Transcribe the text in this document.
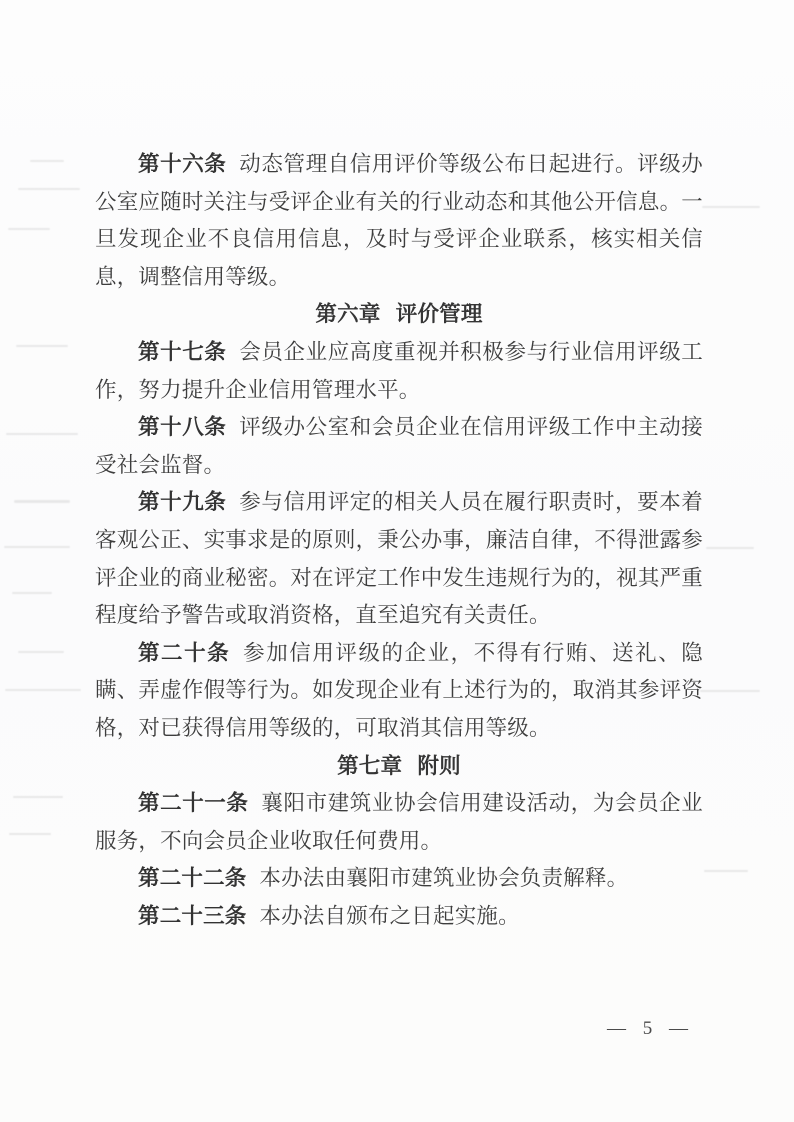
第十六条 动态管理自信用评价等级公布日起进行。评级办公室应随时关注与受评企业有关的行业动态和其他公开信息。一旦发现企业不良信用信息，及时与受评企业联系，核实相关信息，调整信用等级。

第六章 评价管理

第十七条 会员企业应高度重视并积极参与行业信用评级工作，努力提升企业信用管理水平。

第十八条 评级办公室和会员企业在信用评级工作中主动接受社会监督。

第十九条 参与信用评定的相关人员在履行职责时，要本着客观公正、实事求是的原则，秉公办事，廉洁自律，不得泄露参评企业的商业秘密。对在评定工作中发生违规行为的，视其严重程度给予警告或取消资格，直至追究有关责任。

第二十条 参加信用评级的企业，不得有行贿、送礼、隐瞒、弄虚作假等行为。如发现企业有上述行为的，取消其参评资格，对已获得信用等级的，可取消其信用等级。

第七章 附则

第二十一条 襄阳市建筑业协会信用建设活动，为会员企业服务，不向会员企业收取任何费用。

第二十二条 本办法由襄阳市建筑业协会负责解释。

第二十三条 本办法自颁布之日起实施。

— 5 —
